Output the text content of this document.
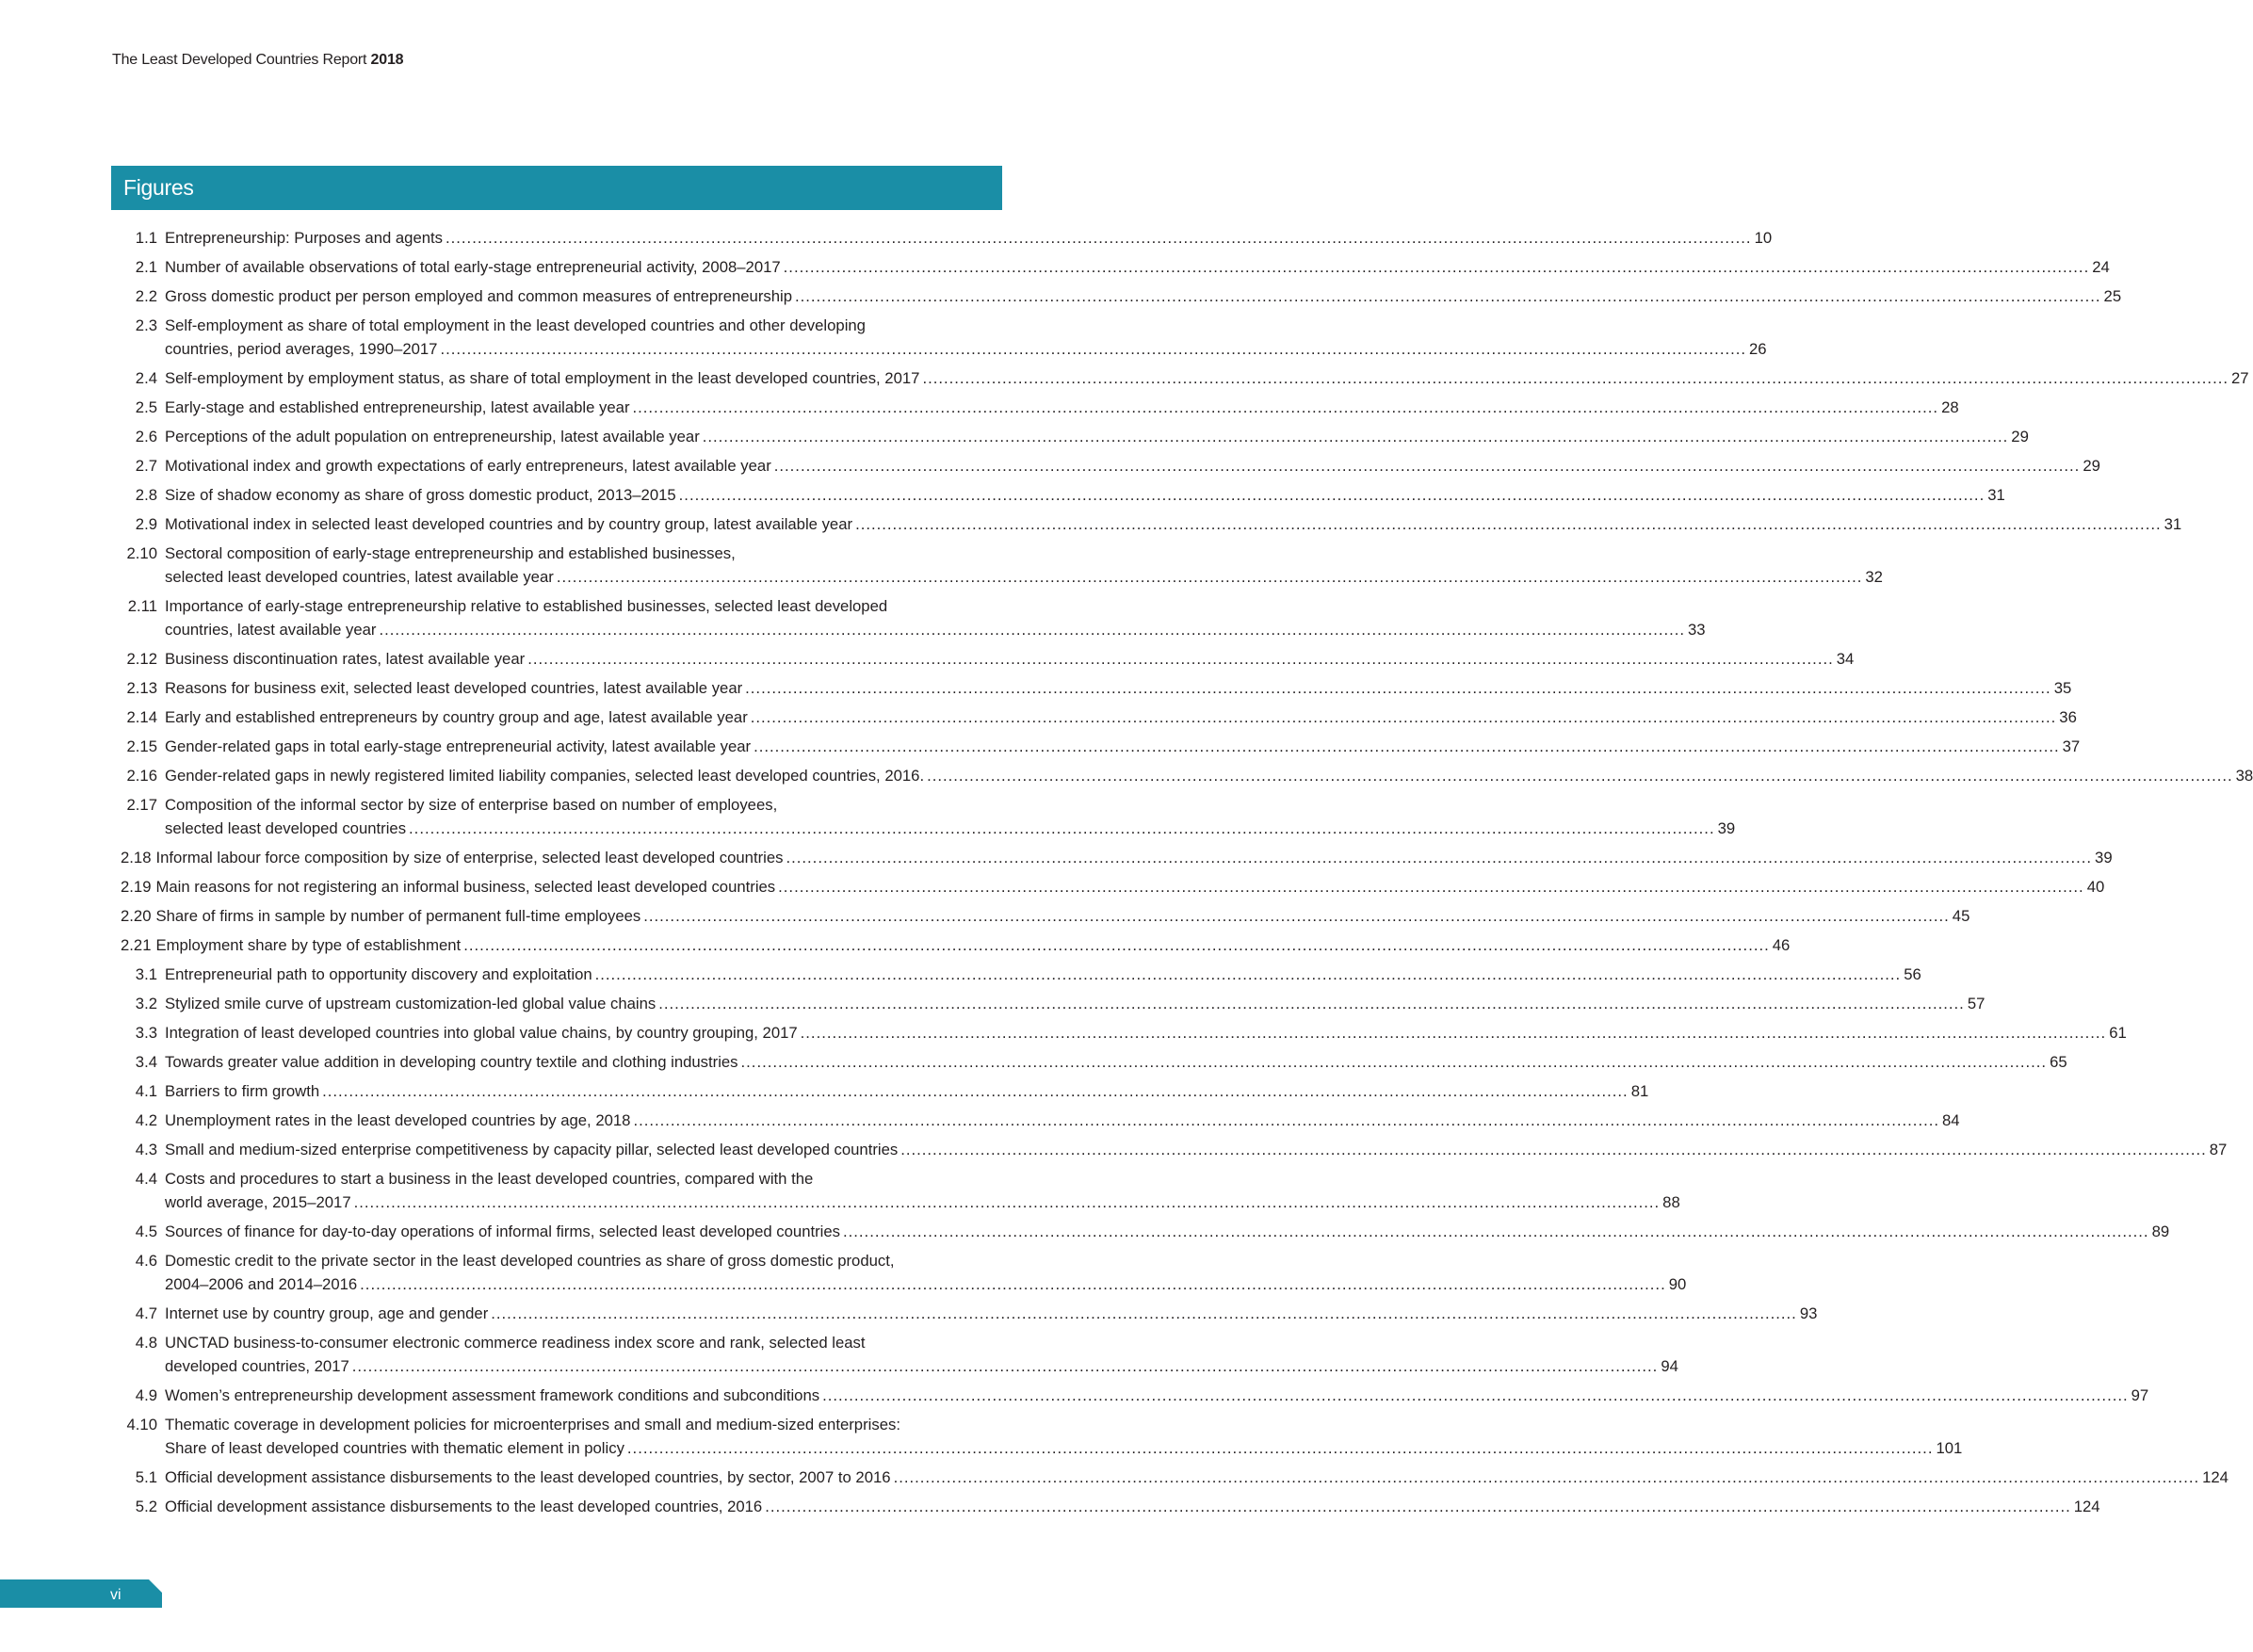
The Least Developed Countries Report 2018
Figures
1.1 Entrepreneurship: Purposes and agents .....	10
2.1 Number of available observations of total early-stage entrepreneurial activity, 2008–2017 .....	24
2.2 Gross domestic product per person employed and common measures of entrepreneurship .....	25
2.3 Self-employment as share of total employment in the least developed countries and other developing
countries, period averages, 1990–2017 .....	26
2.4 Self-employment by employment status, as share of total employment in the least developed countries, 2017 .....	27
2.5 Early-stage and established entrepreneurship, latest available year .....	28
2.6 Perceptions of the adult population on entrepreneurship, latest available year .....	29
2.7 Motivational index and growth expectations of early entrepreneurs, latest available year .....	29
2.8 Size of shadow economy as share of gross domestic product, 2013–2015 .....	31
2.9 Motivational index in selected least developed countries and by country group, latest available year .....	31
2.10 Sectoral composition of early-stage entrepreneurship and established businesses,
selected least developed countries, latest available year .....	32
2.11 Importance of early-stage entrepreneurship relative to established businesses, selected least developed
countries, latest available year .....	33
2.12 Business discontinuation rates, latest available year .....	34
2.13 Reasons for business exit, selected least developed countries, latest available year .....	35
2.14 Early and established entrepreneurs by country group and age, latest available year .....	36
2.15 Gender-related gaps in total early-stage entrepreneurial activity, latest available year .....	37
2.16 Gender-related gaps in newly registered limited liability companies, selected least developed countries, 2016. .....	38
2.17 Composition of the informal sector by size of enterprise based on number of employees,
selected least developed countries .....	39
2.18 Informal labour force composition by size of enterprise, selected least developed countries .....	39
2.19 Main reasons for not registering an informal business, selected least developed countries .....	40
2.20 Share of firms in sample by number of permanent full-time employees .....	45
2.21 Employment share by type of establishment .....	46
3.1 Entrepreneurial path to opportunity discovery and exploitation .....	56
3.2 Stylized smile curve of upstream customization-led global value chains .....	57
3.3 Integration of least developed countries into global value chains, by country grouping, 2017 .....	61
3.4 Towards greater value addition in developing country textile and clothing industries .....	65
4.1 Barriers to firm growth .....	81
4.2 Unemployment rates in the least developed countries by age, 2018 .....	84
4.3 Small and medium-sized enterprise competitiveness by capacity pillar, selected least developed countries .....	87
4.4 Costs and procedures to start a business in the least developed countries, compared with the
world average, 2015–2017 .....	88
4.5 Sources of finance for day-to-day operations of informal firms, selected least developed countries .....	89
4.6 Domestic credit to the private sector in the least developed countries as share of gross domestic product,
2004–2006 and 2014–2016 .....	90
4.7 Internet use by country group, age and gender .....	93
4.8 UNCTAD business-to-consumer electronic commerce readiness index score and rank, selected least
developed countries, 2017 .....	94
4.9 Women’s entrepreneurship development assessment framework conditions and subconditions .....	97
4.10 Thematic coverage in development policies for microenterprises and small and medium-sized enterprises:
Share of least developed countries with thematic element in policy .....	101
5.1 Official development assistance disbursements to the least developed countries, by sector, 2007 to 2016 .....	124
5.2 Official development assistance disbursements to the least developed countries, 2016 .....	124
vi
